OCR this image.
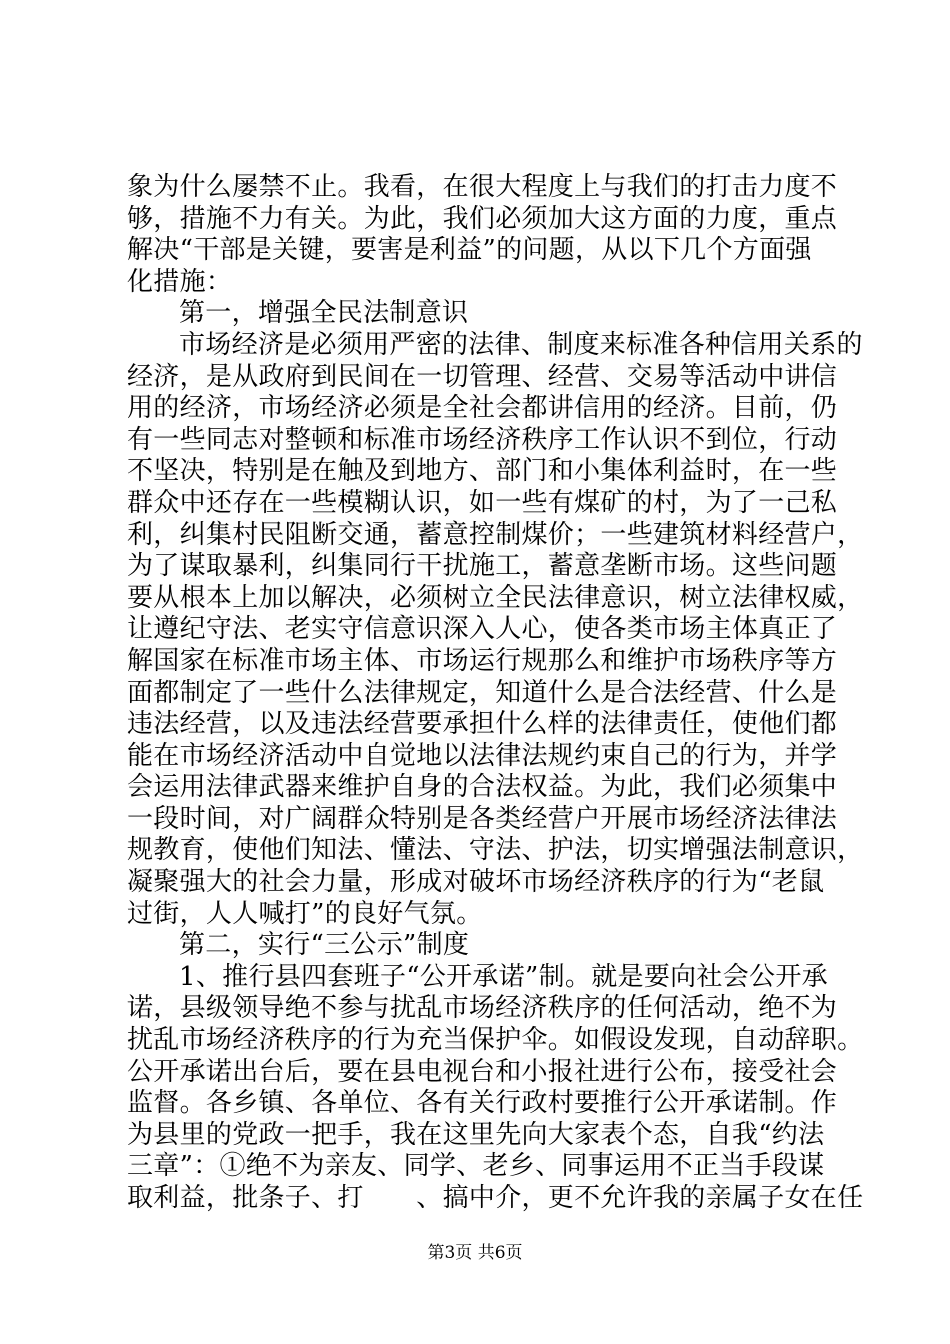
象为什么屡禁不止。我看，在很大程度上与我们的打击力度不
够，措施不力有关。为此，我们必须加大这方面的力度，重点
解决“干部是关键，要害是利益”的问题，从以下几个方面强
化措施：
第一，增强全民法制意识
市场经济是必须用严密的法律、制度来标准各种信用关系的
经济，是从政府到民间在一切管理、经营、交易等活动中讲信
用的经济，市场经济必须是全社会都讲信用的经济。目前，仍
有一些同志对整顿和标准市场经济秩序工作认识不到位，行动
不坚决，特别是在触及到地方、部门和小集体利益时，在一些
群众中还存在一些模糊认识，如一些有煤矿的村，为了一己私
利，纠集村民阻断交通，蓄意控制煤价；一些建筑材料经营户，
为了谋取暴利，纠集同行干扰施工，蓄意垄断市场。这些问题
要从根本上加以解决，必须树立全民法律意识，树立法律权威，
让遵纪守法、老实守信意识深入人心，使各类市场主体真正了
解国家在标准市场主体、市场运行规那么和维护市场秩序等方
面都制定了一些什么法律规定，知道什么是合法经营、什么是
违法经营，以及违法经营要承担什么样的法律责任，使他们都
能在市场经济活动中自觉地以法律法规约束自己的行为，并学
会运用法律武器来维护自身的合法权益。为此，我们必须集中
一段时间，对广阔群众特别是各类经营户开展市场经济法律法
规教育，使他们知法、懂法、守法、护法，切实增强法制意识，
凝聚强大的社会力量，形成对破坏市场经济秩序的行为“老鼠
过街，人人喊打”的良好气氛。
第二，实行“三公示”制度
1、推行县四套班子“公开承诺”制。就是要向社会公开承
诺，县级领导绝不参与扰乱市场经济秩序的任何活动，绝不为
扰乱市场经济秩序的行为充当保护伞。如假设发现，自动辞职。
公开承诺出台后，要在县电视台和小报社进行公布，接受社会
监督。各乡镇、各单位、各有关行政村要推行公开承诺制。作
为县里的党政一把手，我在这里先向大家表个态，自我“约法
三章”：①绝不为亲友、同学、老乡、同事运用不正当手段谋
取利益，批条子、打　　、搞中介，更不允许我的亲属子女在任
第3页 共6页
